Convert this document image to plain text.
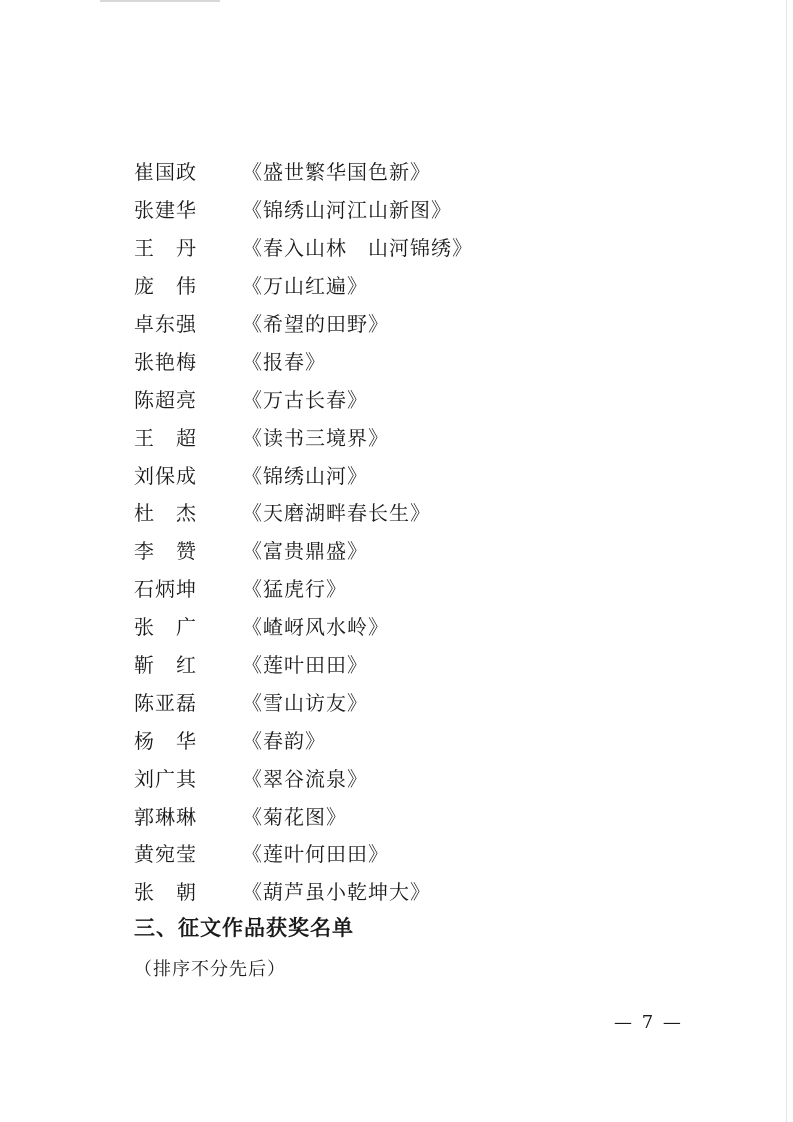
崔国政	《盛世繁华国色新》
张建华	《锦绣山河江山新图》
王　丹	《春入山林　山河锦绣》
庞　伟	《万山红遍》
卓东强	《希望的田野》
张艳梅	《报春》
陈超亮	《万古长春》
王　超	《读书三境界》
刘保成	《锦绣山河》
杜　杰	《天磨湖畔春长生》
李　赞	《富贵鼎盛》
石炳坤	《猛虎行》
张　广	《嵖岈风水岭》
靳　红	《莲叶田田》
陈亚磊	《雪山访友》
杨　华	《春韵》
刘广其	《翠谷流泉》
郭琳琳	《菊花图》
黄宛莹	《莲叶何田田》
张　朝	《葫芦虽小乾坤大》
三、征文作品获奖名单
（排序不分先后）
— 7 —
